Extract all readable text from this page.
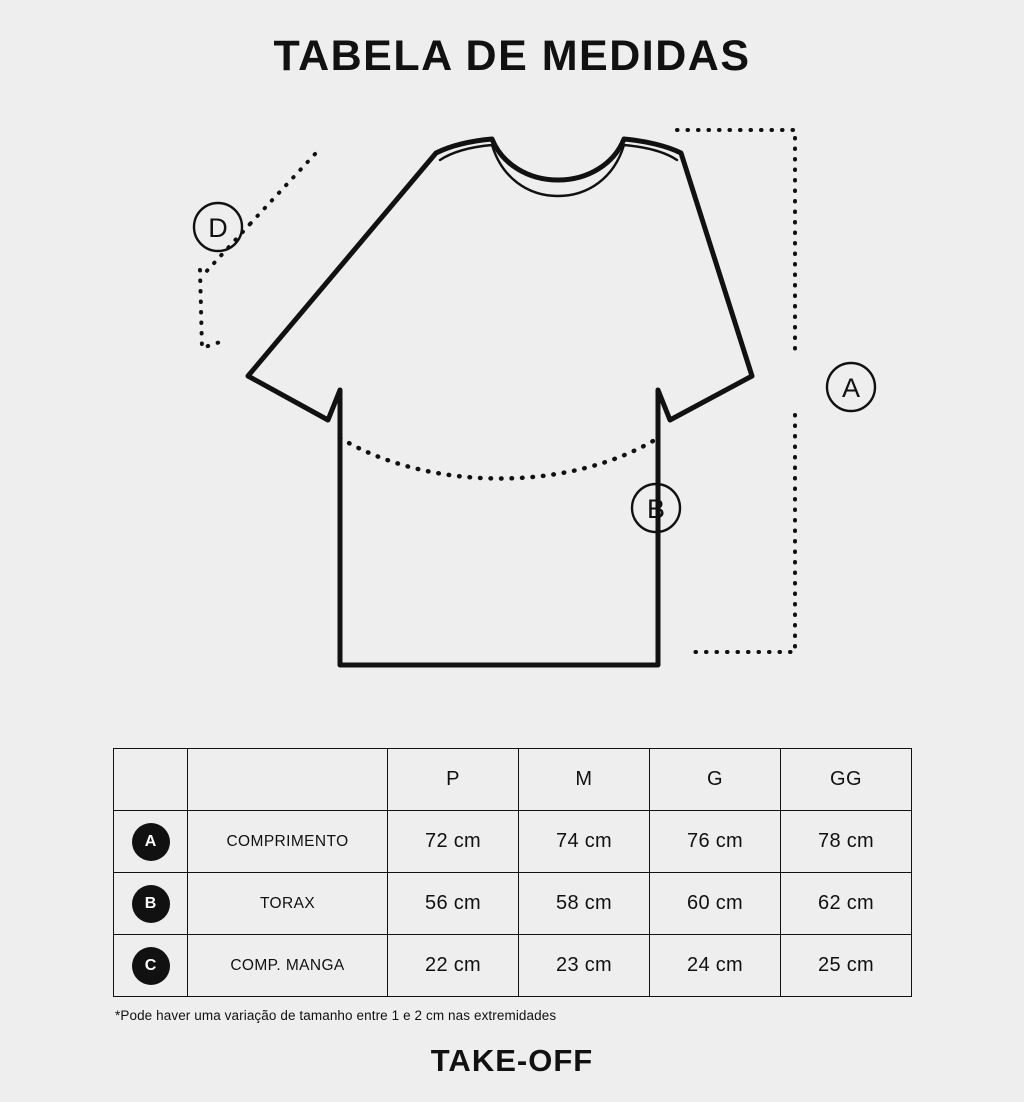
TABELA DE MEDIDAS
D
A
B
		P	M	G	GG
A	COMPRIMENTO	72 cm	74 cm	76 cm	78 cm
B	TORAX	56 cm	58 cm	60 cm	62 cm
C	COMP. MANGA	22 cm	23 cm	24 cm	25 cm
*Pode haver uma variação de tamanho entre 1 e 2 cm nas extremidades
TAKE-OFF
